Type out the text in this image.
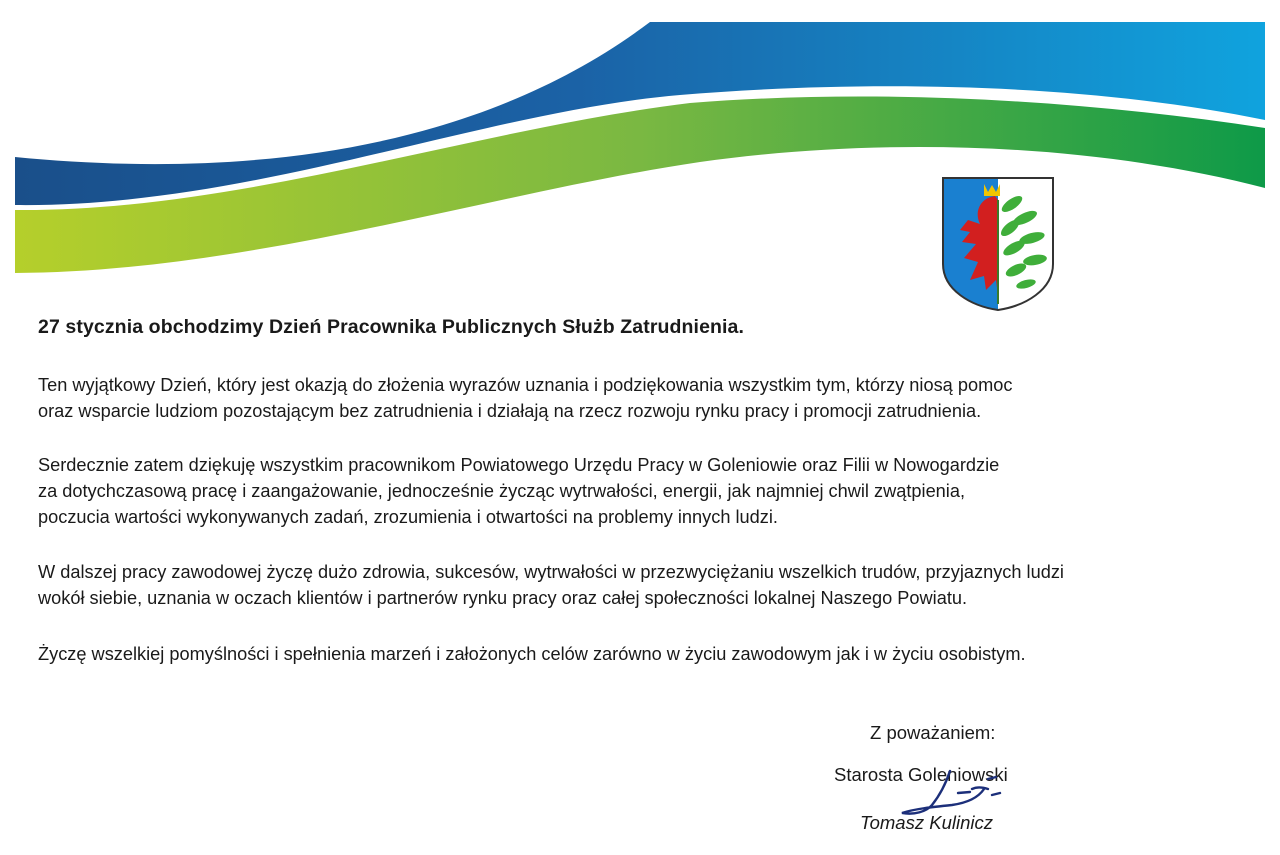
27 stycznia obchodzimy Dzień Pracownika Publicznych Służb Zatrudnienia.

Ten wyjątkowy Dzień, który jest okazją do złożenia wyrazów uznania i podziękowania wszystkim tym, którzy niosą pomoc
oraz wsparcie ludziom pozostającym bez zatrudnienia i działają na rzecz rozwoju rynku pracy i promocji zatrudnienia.

Serdecznie zatem dziękuję wszystkim pracownikom Powiatowego Urzędu Pracy w Goleniowie oraz Filii w Nowogardzie
za dotychczasową pracę i zaangażowanie, jednocześnie życząc wytrwałości, energii, jak najmniej chwil zwątpienia,
poczucia wartości wykonywanych zadań, zrozumienia i otwartości na problemy innych ludzi.

W dalszej pracy zawodowej życzę dużo zdrowia, sukcesów, wytrwałości w przezwyciężaniu wszelkich trudów, przyjaznych ludzi
wokół siebie, uznania w oczach klientów i partnerów rynku pracy oraz całej społeczności lokalnej Naszego Powiatu.

Życzę wszelkiej pomyślności i spełnienia marzeń i założonych celów zarówno w życiu zawodowym jak i w życiu osobistym.

Z poważaniem:

Starosta Goleniowski

Tomasz Kulinicz
